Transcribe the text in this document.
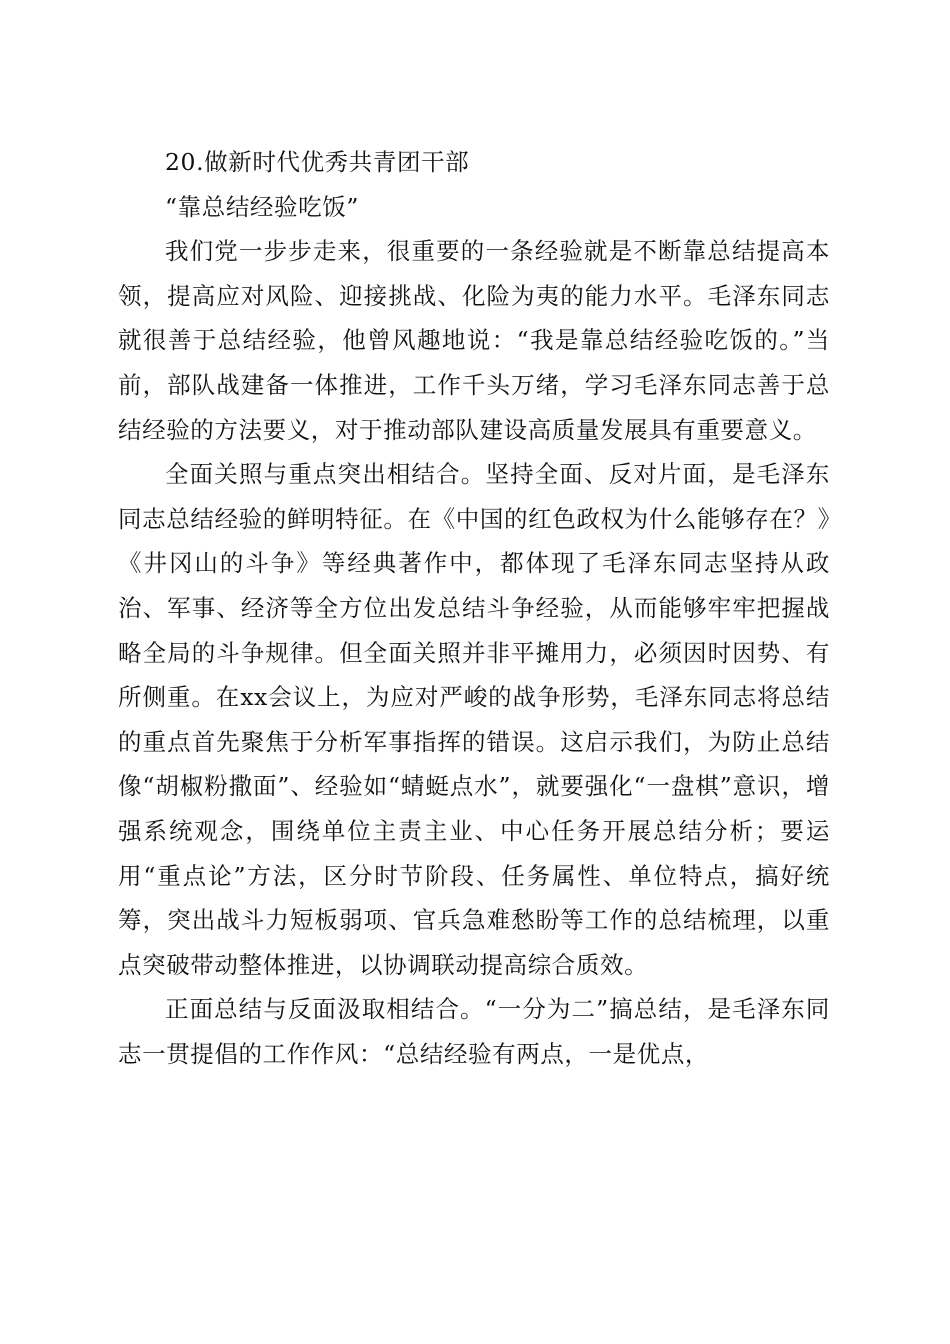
20.做新时代优秀共青团干部

“靠总结经验吃饭”

我们党一步步走来，很重要的一条经验就是不断靠总结提高本领，提高应对风险、迎接挑战、化险为夷的能力水平。毛泽东同志就很善于总结经验，他曾风趣地说：“我是靠总结经验吃饭的。”当前，部队战建备一体推进，工作千头万绪，学习毛泽东同志善于总结经验的方法要义，对于推动部队建设高质量发展具有重要意义。

全面关照与重点突出相结合。坚持全面、反对片面，是毛泽东同志总结经验的鲜明特征。在《中国的红色政权为什么能够存在？》《井冈山的斗争》等经典著作中，都体现了毛泽东同志坚持从政治、军事、经济等全方位出发总结斗争经验，从而能够牢牢把握战略全局的斗争规律。但全面关照并非平摊用力，必须因时因势、有所侧重。在xx会议上，为应对严峻的战争形势，毛泽东同志将总结的重点首先聚焦于分析军事指挥的错误。这启示我们，为防止总结像“胡椒粉撒面”、经验如“蜻蜓点水”，就要强化“一盘棋”意识，增强系统观念，围绕单位主责主业、中心任务开展总结分析；要运用“重点论”方法，区分时节阶段、任务属性、单位特点，搞好统筹，突出战斗力短板弱项、官兵急难愁盼等工作的总结梳理，以重点突破带动整体推进，以协调联动提高综合质效。

正面总结与反面汲取相结合。“一分为二”搞总结，是毛泽东同志一贯提倡的工作作风：“总结经验有两点，一是优点，
